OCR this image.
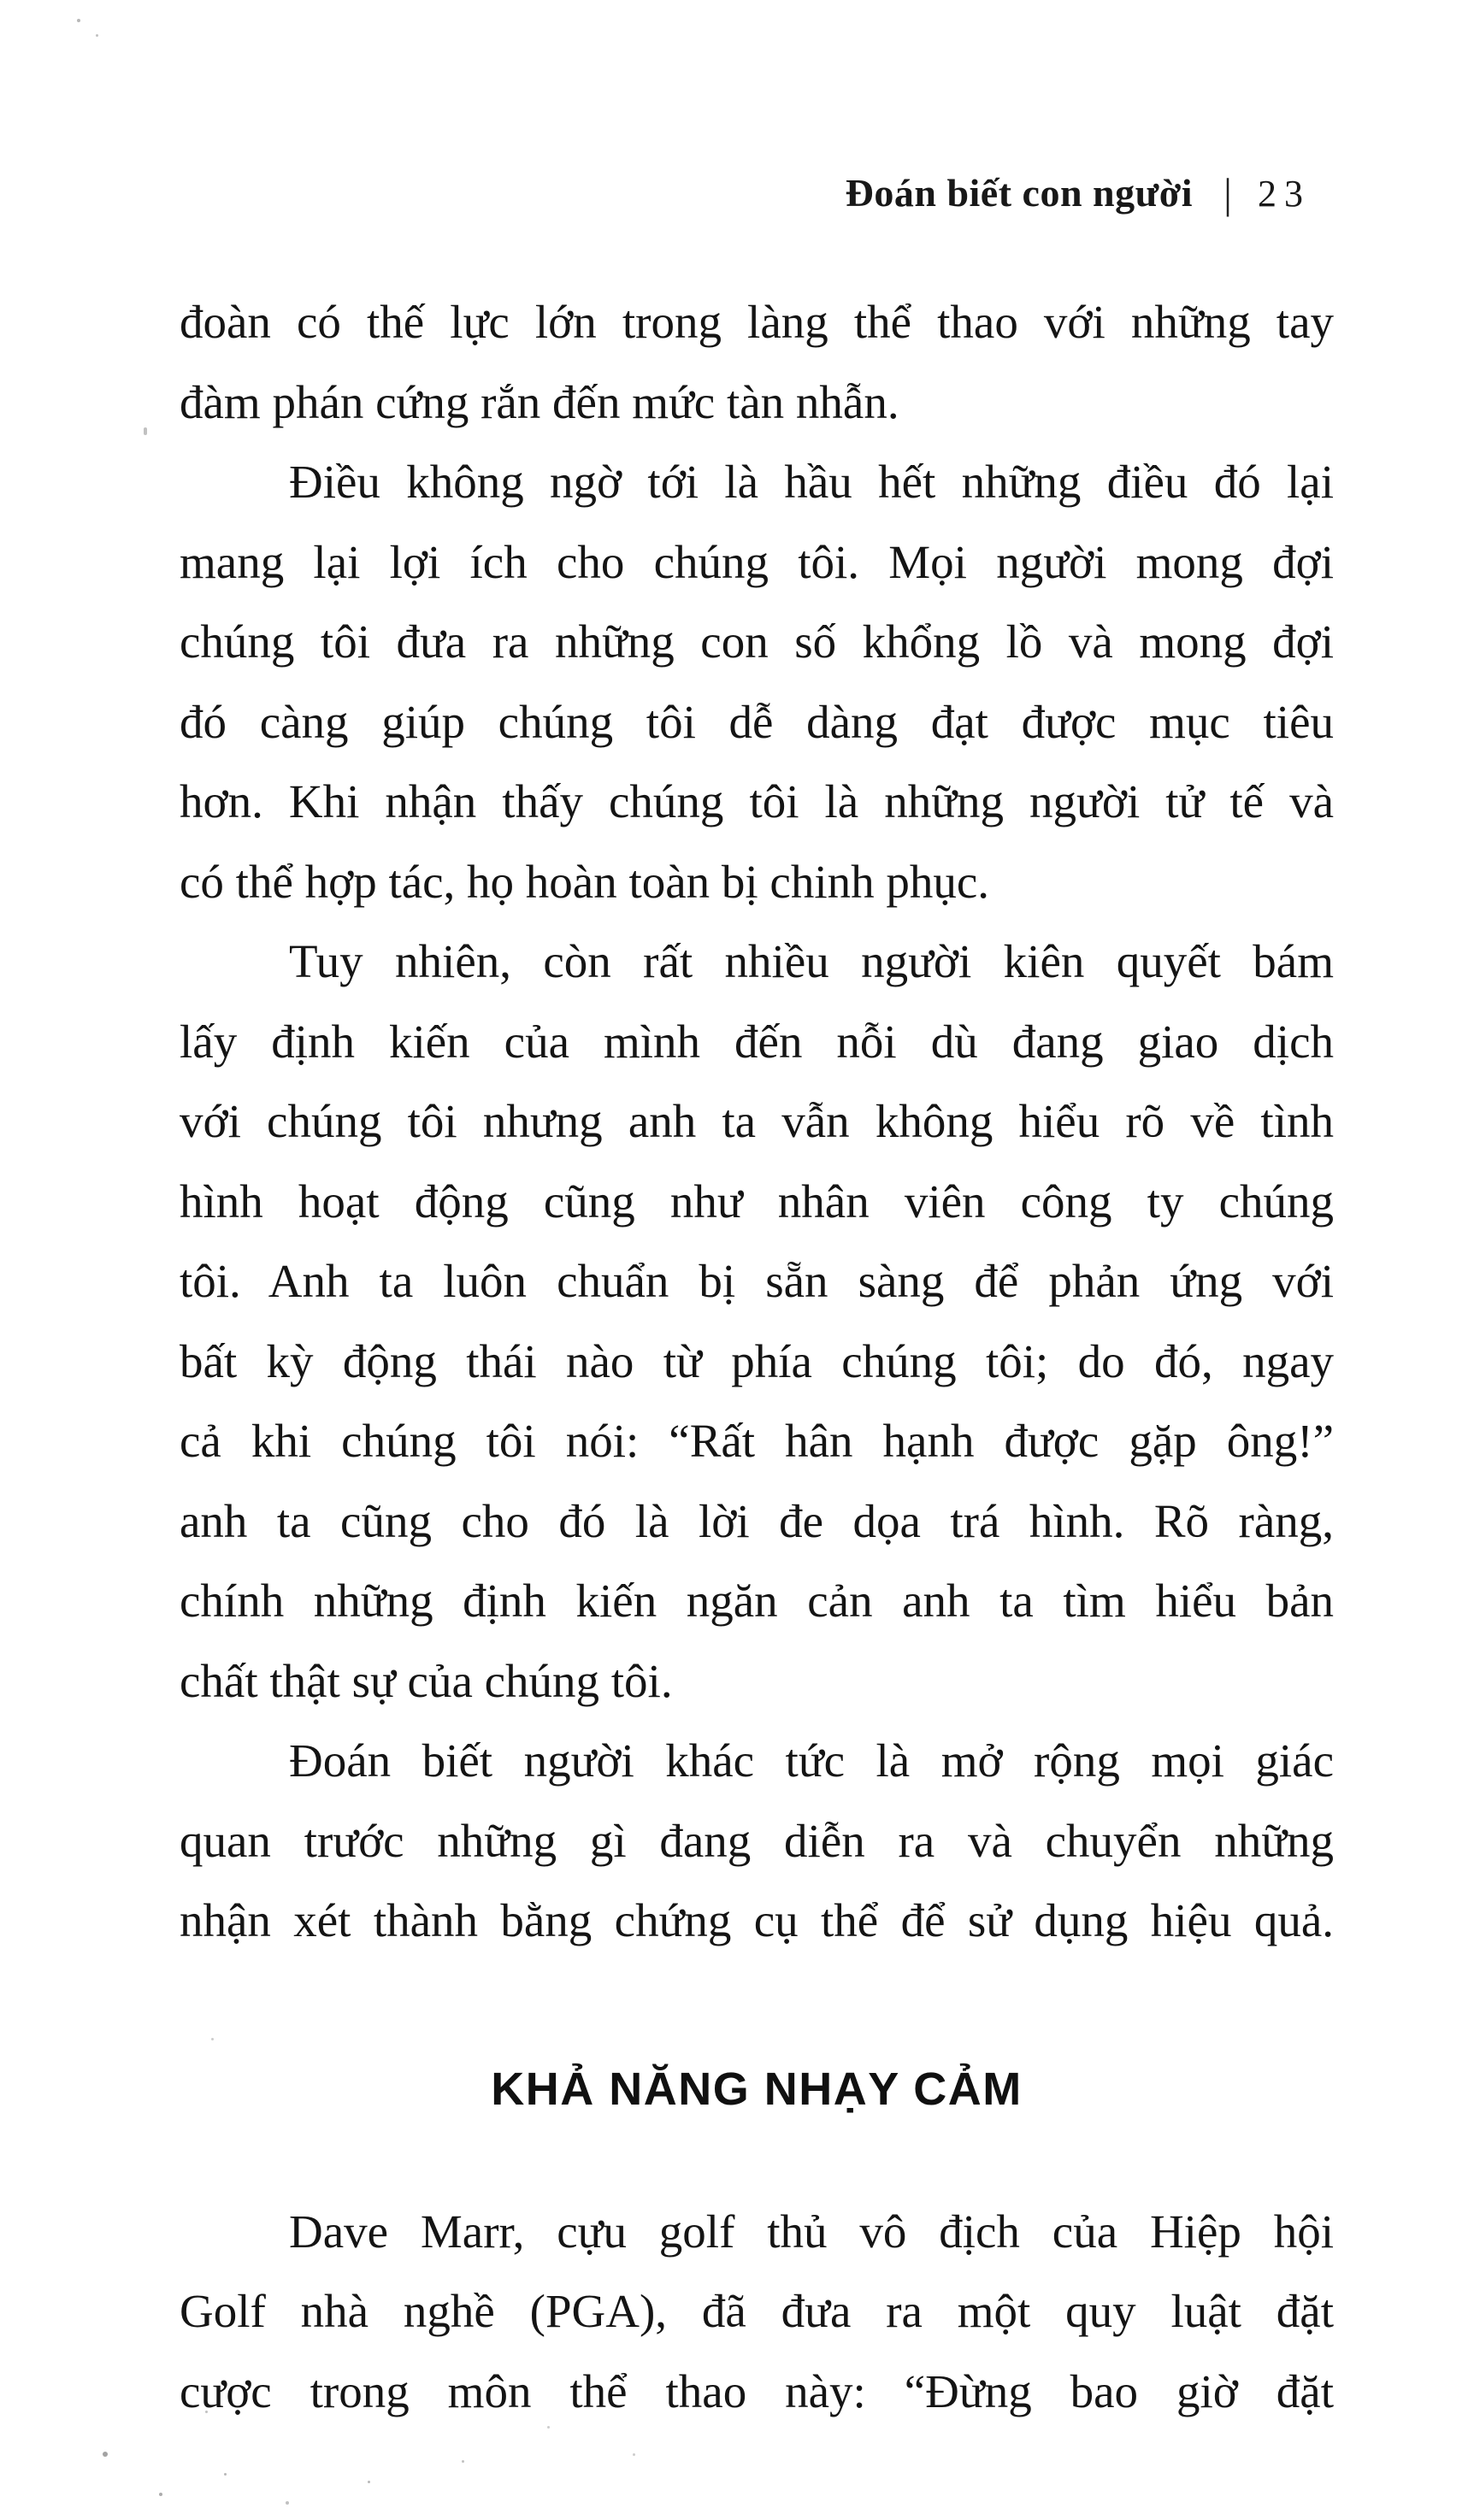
Đoán biết con người | 23
đoàn có thế lực lớn trong làng thể thao với những tay
đàm phán cứng rắn đến mức tàn nhẫn.
Điều không ngờ tới là hầu hết những điều đó lại
mang lại lợi ích cho chúng tôi. Mọi người mong đợi
chúng tôi đưa ra những con số khổng lồ và mong đợi
đó càng giúp chúng tôi dễ dàng đạt được mục tiêu
hơn. Khi nhận thấy chúng tôi là những người tử tế và
có thể hợp tác, họ hoàn toàn bị chinh phục.
Tuy nhiên, còn rất nhiều người kiên quyết bám
lấy định kiến của mình đến nỗi dù đang giao dịch
với chúng tôi nhưng anh ta vẫn không hiểu rõ về tình
hình hoạt động cũng như nhân viên công ty chúng
tôi. Anh ta luôn chuẩn bị sẵn sàng để phản ứng với
bất kỳ động thái nào từ phía chúng tôi; do đó, ngay
cả khi chúng tôi nói: “Rất hân hạnh được gặp ông!”
anh ta cũng cho đó là lời đe dọa trá hình. Rõ ràng,
chính những định kiến ngăn cản anh ta tìm hiểu bản
chất thật sự của chúng tôi.
Đoán biết người khác tức là mở rộng mọi giác
quan trước những gì đang diễn ra và chuyển những
nhận xét thành bằng chứng cụ thể để sử dụng hiệu quả.
KHẢ NĂNG NHẠY CẢM
Dave Marr, cựu golf thủ vô địch của Hiệp hội
Golf nhà nghề (PGA), đã đưa ra một quy luật đặt
cược trong môn thể thao này: “Đừng bao giờ đặt
